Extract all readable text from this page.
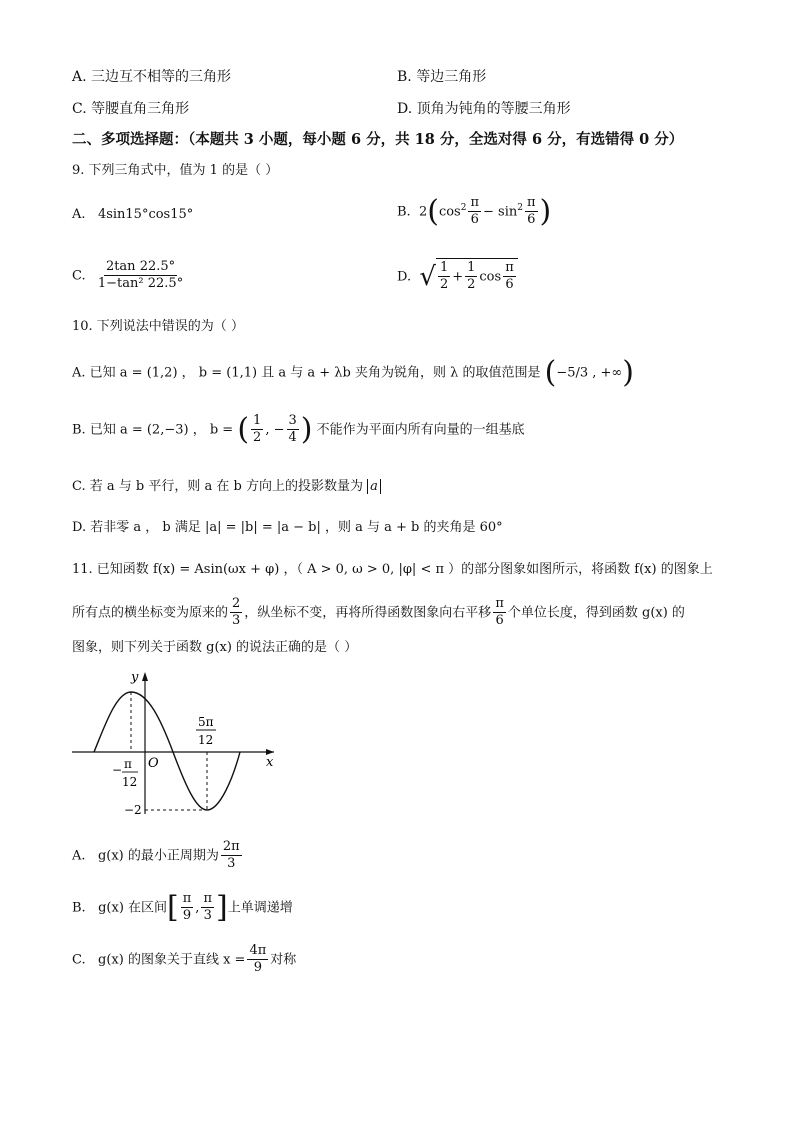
A. 三边互不相等的三角形	B. 等边三角形
C. 等腰直角三角形	D. 顶角为钝角的等腰三角形
二、多项选择题：（本题共 3 小题，每小题 6 分，共 18 分，全选对得 6 分，有选错得 0 分）
9. 下列三角式中，值为 1 的是（ ）
A. 4sin15°cos15°	B.  $2(\cos^2 \frac{\pi}{6} - \sin^2 \frac{\pi}{6}$ )
C. $\frac{2\tan 22.5^\circ}{\text{1−tan² 22.5°}}$	D. √ $\frac{1}{2} + \frac{1}{2}$ $\cos \frac{\pi}{6}$
10. 下列说法中错误的为（ ）
A. 已知 a = (1,2) ， b = (1,1) 且 a 与 a + λb 夹角为锐角，则 λ 的取值范围是 (−5/3 , +∞)
B. 已知 a = (2,−3) ， b = ( $\frac{1}{2}$ , − $\frac{3}{4}$ ) 不能作为平面内所有向量的一组基底
C. 若 a 与 b 平行，则 a 在 b 方向上的投影数量为 a
D. 若非零 a ， b 满足 |a| = |b| = |a − b| ，则 a 与 a + b 的夹角是 60°
11. 已知函数 f(x) = Asin(ωx + φ) ，（ A > 0, ω > 0, |φ| < π ）的部分图象如图所示，将函数 f(x) 的图象上
所有点的横坐标变为原来的 $\frac{2}{3}$ ，纵坐标不变，再将所得函数图象向右平移 $\frac{\pi}{6}$ 个单位长度，得到函数 g(x) 的
图象，则下列关于函数 g(x) 的说法正确的是（ ）
y
x
O
− π
12
5π
12
−2
A. g(x) 的最小正周期为 $\frac{2\pi}{3}$
B. g(x) 在区间[ $\frac{\pi}{9}$ , $\frac{\pi}{3}$ ]上单调递增
C. g(x) 的图象关于直线 $x = \frac{4\pi}{9}$ 对称
